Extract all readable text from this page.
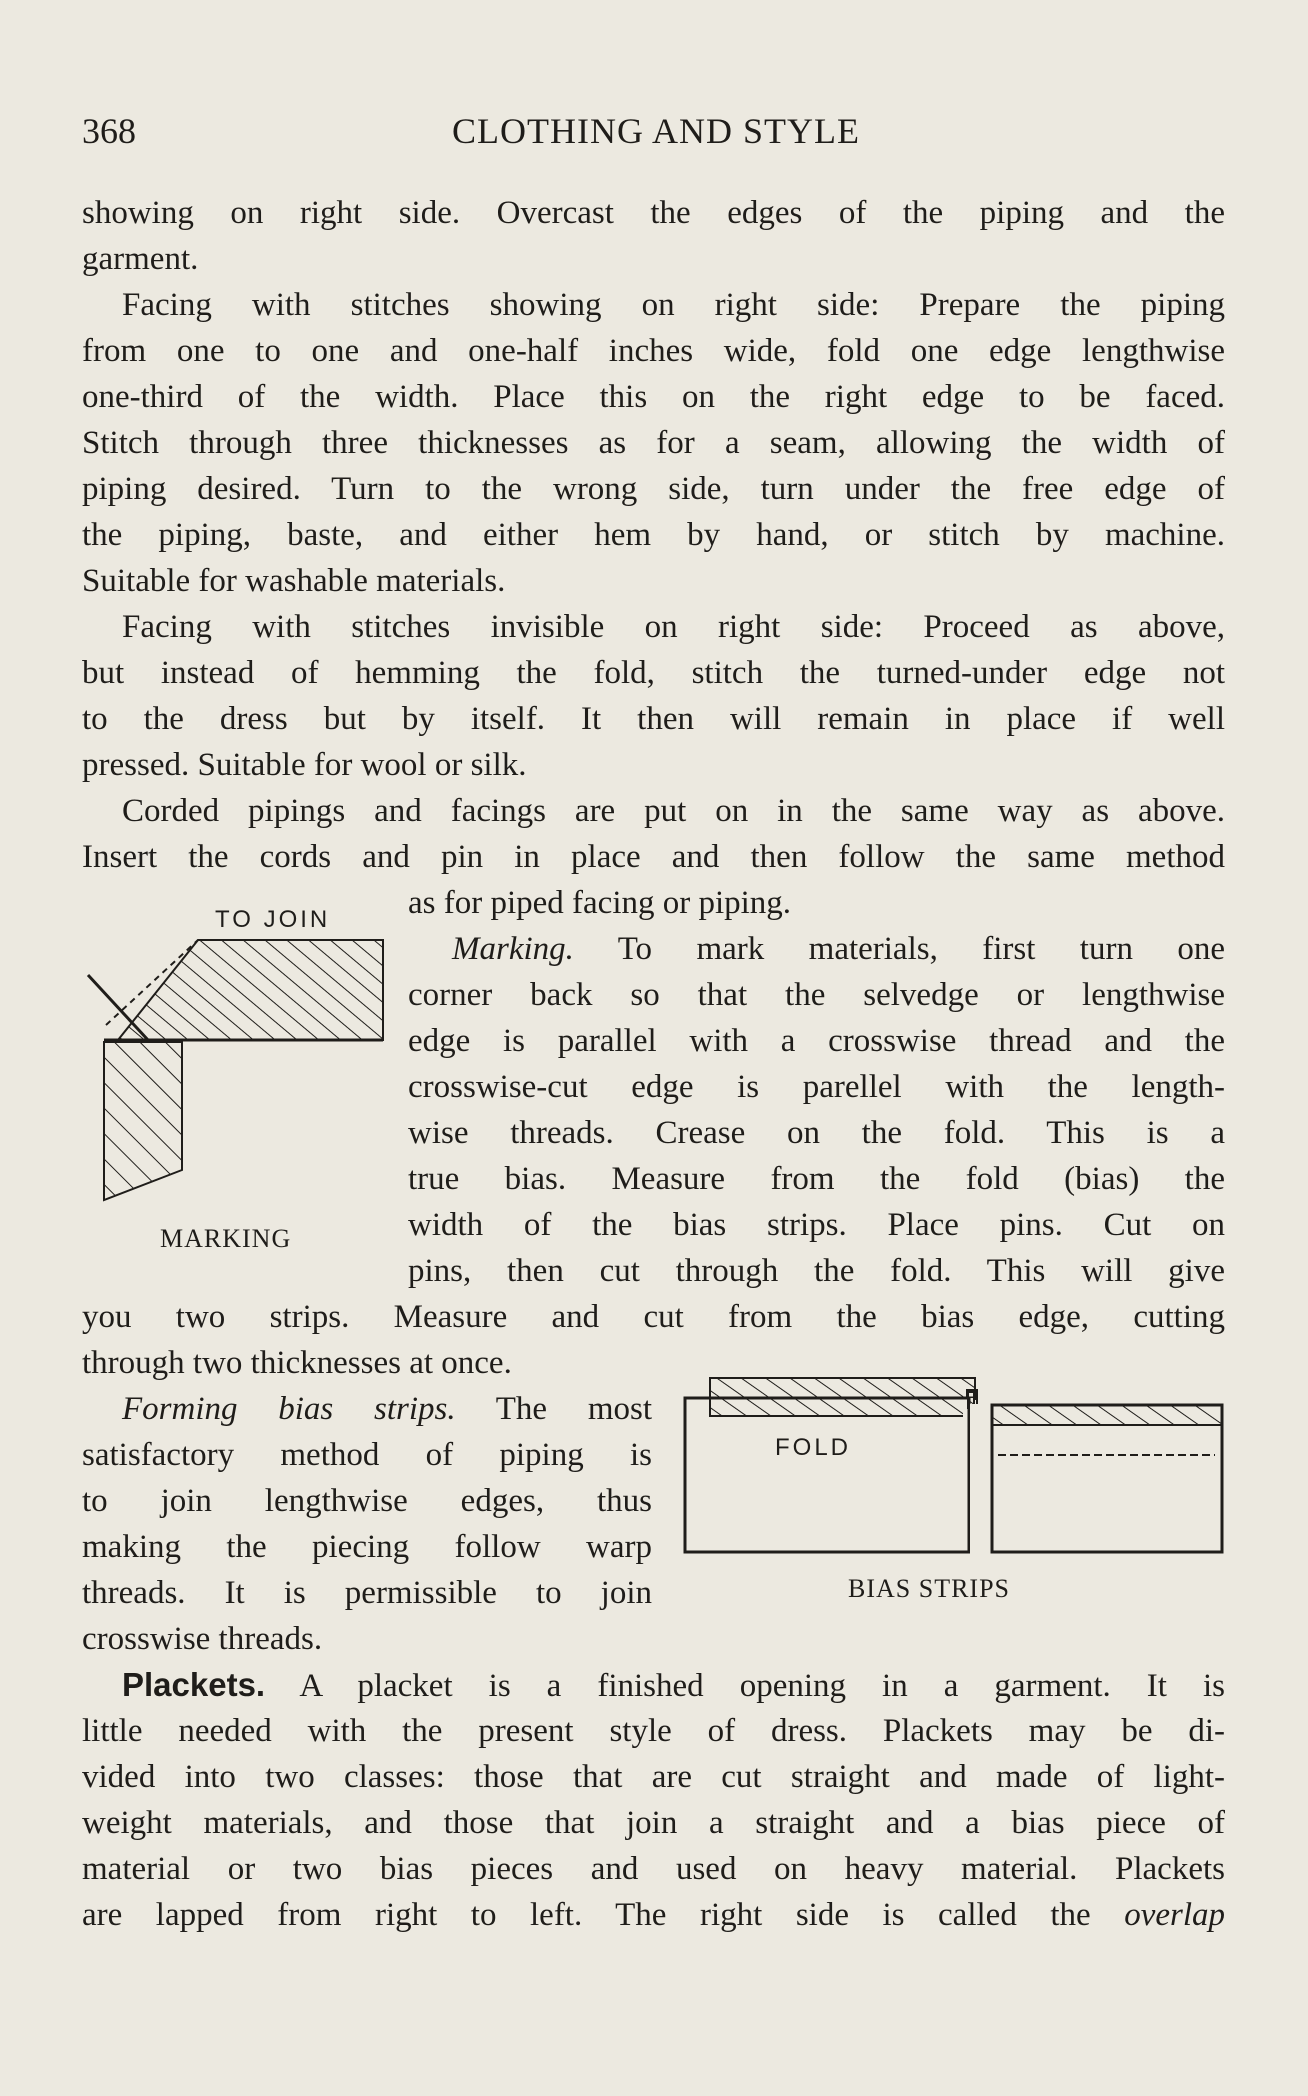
368	CLOTHING AND STYLE
showing on right side. Overcast the edges of the piping and the
garment.
Facing with stitches showing on right side: Prepare the piping
from one to one and one-half inches wide, fold one edge lengthwise
one-third of the width. Place this on the right edge to be faced.
Stitch through three thicknesses as for a seam, allowing the width of
piping desired. Turn to the wrong side, turn under the free edge of
the piping, baste, and either hem by hand, or stitch by machine.
Suitable for washable materials.
Facing with stitches invisible on right side: Proceed as above,
but instead of hemming the fold, stitch the turned-under edge not
to the dress but by itself. It then will remain in place if well
pressed. Suitable for wool or silk.
Corded pipings and facings are put on in the same way as above.
Insert the cords and pin in place and then follow the same method
as for piped facing or piping.
Marking. To mark materials, first turn one
corner back so that the selvedge or lengthwise
edge is parallel with a crosswise thread and the
crosswise-cut edge is parellel with the length-
wise threads. Crease on the fold. This is a
true bias. Measure from the fold (bias) the
width of the bias strips. Place pins. Cut on
pins, then cut through the fold. This will give
you two strips. Measure and cut from the bias edge, cutting
through two thicknesses at once.
Forming bias strips. The most
satisfactory method of piping is
to join lengthwise edges, thus
making the piecing follow warp
threads. It is permissible to join
crosswise threads.
Plackets. A placket is a finished opening in a garment. It is
little needed with the present style of dress. Plackets may be di-
vided into two classes: those that are cut straight and made of light-
weight materials, and those that join a straight and a bias piece of
material or two bias pieces and used on heavy material. Plackets
are lapped from right to left. The right side is called the overlap
TO JOIN
MARKING
FOLD
BIAS STRIPS
